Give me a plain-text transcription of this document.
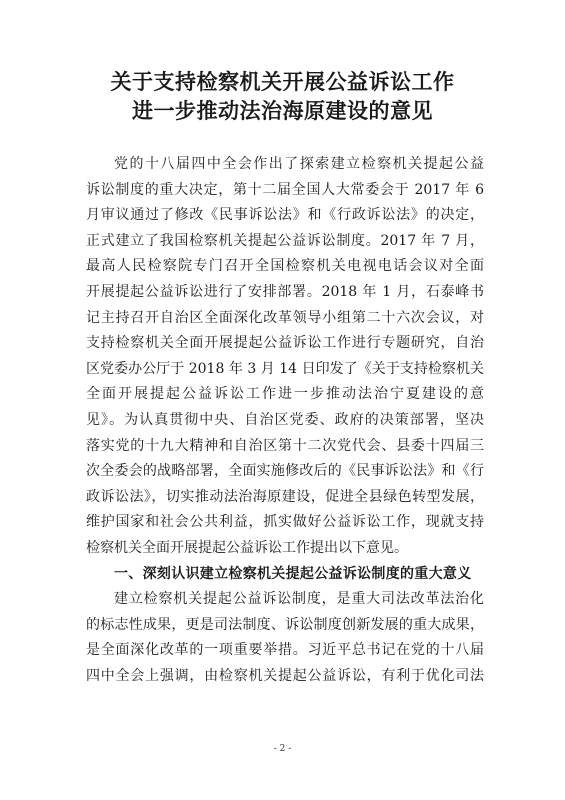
关于支持检察机关开展公益诉讼工作
进一步推动法治海原建设的意见
党的十八届四中全会作出了探索建立检察机关提起公益
诉讼制度的重大决定，第十二届全国人大常委会于 2017 年 6
月审议通过了修改《民事诉讼法》和《行政诉讼法》的决定，
正式建立了我国检察机关提起公益诉讼制度。2017 年 7 月，
最高人民检察院专门召开全国检察机关电视电话会议对全面
开展提起公益诉讼进行了安排部署。2018 年 1 月，石泰峰书
记主持召开自治区全面深化改革领导小组第二十六次会议，对
支持检察机关全面开展提起公益诉讼工作进行专题研究，自治
区党委办公厅于 2018 年 3 月 14 日印发了《关于支持检察机关
全面开展提起公益诉讼工作进一步推动法治宁夏建设的意
见》。为认真贯彻中央、自治区党委、政府的决策部署，坚决
落实党的十九大精神和自治区第十二次党代会、县委十四届三
次全委会的战略部署，全面实施修改后的《民事诉讼法》和《行
政诉讼法》，切实推动法治海原建设，促进全县绿色转型发展，
维护国家和社会公共利益，抓实做好公益诉讼工作，现就支持
检察机关全面开展提起公益诉讼工作提出以下意见。
一、深刻认识建立检察机关提起公益诉讼制度的重大意义
建立检察机关提起公益诉讼制度，是重大司法改革法治化
的标志性成果，更是司法制度、诉讼制度创新发展的重大成果，
是全面深化改革的一项重要举措。习近平总书记在党的十八届
四中全会上强调，由检察机关提起公益诉讼，有利于优化司法
- 2 -
